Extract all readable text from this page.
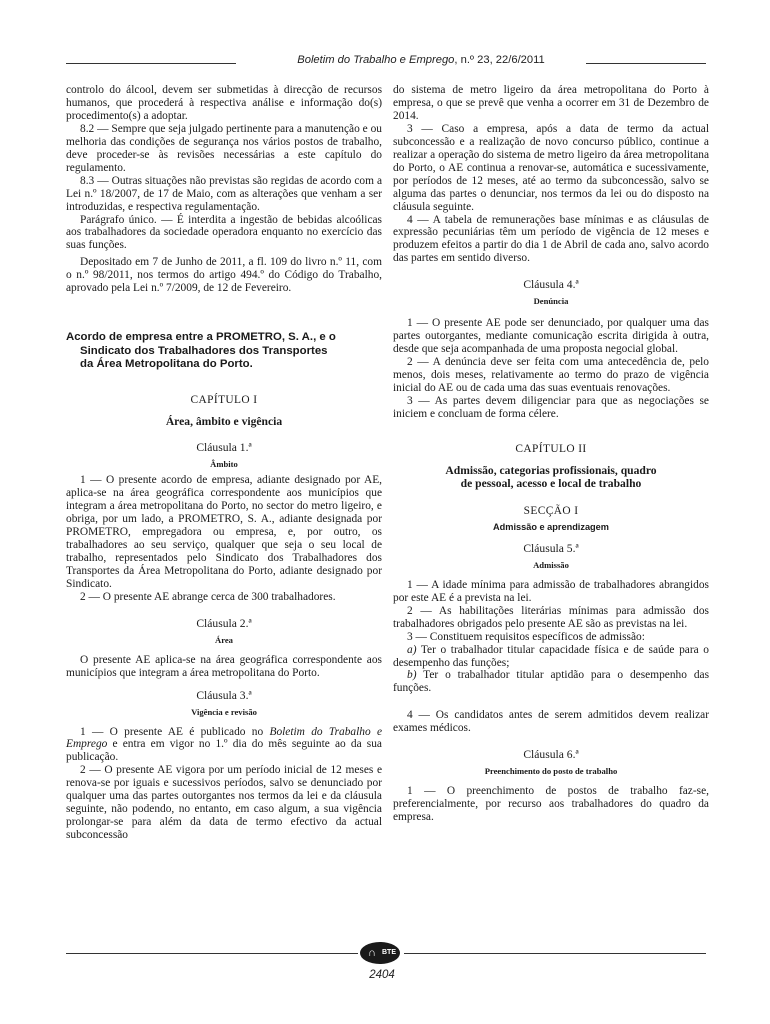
Boletim do Trabalho e Emprego, n.º 23, 22/6/2011

controlo do álcool, devem ser submetidas à direcção de recursos humanos, que procederá à respectiva análise e informação do(s) procedimento(s) a adoptar.

8.2 — Sempre que seja julgado pertinente para a manutenção e ou melhoria das condições de segurança nos vários postos de trabalho, deve proceder-se às revisões necessárias a este capítulo do regulamento.

8.3 — Outras situações não previstas são regidas de acordo com a Lei n.º 18/2007, de 17 de Maio, com as alterações que venham a ser introduzidas, e respectiva regulamentação.

Parágrafo único. — É interdita a ingestão de bebidas alcoólicas aos trabalhadores da sociedade operadora enquanto no exercício das suas funções.

Depositado em 7 de Junho de 2011, a fl. 109 do livro n.º 11, com o n.º 98/2011, nos termos do artigo 494.º do Código do Trabalho, aprovado pela Lei n.º 7/2009, de 12 de Fevereiro.

Acordo de empresa entre a PROMETRO, S. A., e o
Sindicato dos Trabalhadores dos Transportes
da Área Metropolitana do Porto.
CAPÍTULO I
Área, âmbito e vigência
Cláusula 1.ª
Âmbito

1 — O presente acordo de empresa, adiante designado por AE, aplica-se na área geográfica correspondente aos municípios que integram a área metropolitana do Porto, no sector do metro ligeiro, e obriga, por um lado, a PROMETRO, S. A., adiante designada por PROMETRO, empregadora ou empresa, e, por outro, os trabalhadores ao seu serviço, qualquer que seja o seu local de trabalho, representados pelo Sindicato dos Trabalhadores dos Transportes da Área Metropolitana do Porto, adiante designado por Sindicato.

2 — O presente AE abrange cerca de 300 trabalhadores.

Cláusula 2.ª
Área

O presente AE aplica-se na área geográfica correspondente aos municípios que integram a área metropolitana do Porto.

Cláusula 3.ª
Vigência e revisão

1 — O presente AE é publicado no Boletim do Trabalho e Emprego e entra em vigor no 1.º dia do mês seguinte ao da sua publicação.

2 — O presente AE vigora por um período inicial de 12 meses e renova-se por iguais e sucessivos períodos, salvo se denunciado por qualquer uma das partes outorgantes nos termos da lei e da cláusula seguinte, não podendo, no entanto, em caso algum, a sua vigência prolongar-se para além da data de termo efectivo da actual subconcessão

do sistema de metro ligeiro da área metropolitana do Porto à empresa, o que se prevê que venha a ocorrer em 31 de Dezembro de 2014.

3 — Caso a empresa, após a data de termo da actual subconcessão e a realização de novo concurso público, continue a realizar a operação do sistema de metro ligeiro da área metropolitana do Porto, o AE continua a renovar-se, automática e sucessivamente, por períodos de 12 meses, até ao termo da subconcessão, salvo se alguma das partes o denunciar, nos termos da lei ou do disposto na cláusula seguinte.

4 — A tabela de remunerações base mínimas e as cláusulas de expressão pecuniárias têm um período de vigência de 12 meses e produzem efeitos a partir do dia 1 de Abril de cada ano, salvo acordo das partes em sentido diverso.

Cláusula 4.ª
Denúncia

1 — O presente AE pode ser denunciado, por qualquer uma das partes outorgantes, mediante comunicação escrita dirigida à outra, desde que seja acompanhada de uma proposta negocial global.

2 — A denúncia deve ser feita com uma antecedência de, pelo menos, dois meses, relativamente ao termo do prazo de vigência inicial do AE ou de cada uma das suas eventuais renovações.

3 — As partes devem diligenciar para que as negociações se iniciem e concluam de forma célere.

CAPÍTULO II
Admissão, categorias profissionais, quadro
de pessoal, acesso e local de trabalho
SECÇÃO I
Admissão e aprendizagem
Cláusula 5.ª
Admissão

1 — A idade mínima para admissão de trabalhadores abrangidos por este AE é a prevista na lei.

2 — As habilitações literárias mínimas para admissão dos trabalhadores obrigados pelo presente AE são as previstas na lei.

3 — Constituem requisitos específicos de admissão:

a) Ter o trabalhador titular capacidade física e de saúde para o desempenho das funções;

b) Ter o trabalhador titular aptidão para o desempenho das funções.

4 — Os candidatos antes de serem admitidos devem realizar exames médicos.

Cláusula 6.ª
Preenchimento do posto de trabalho

1 — O preenchimento de postos de trabalho faz-se, preferencialmente, por recurso aos trabalhadores do quadro da empresa.

∩ BTE
2404
